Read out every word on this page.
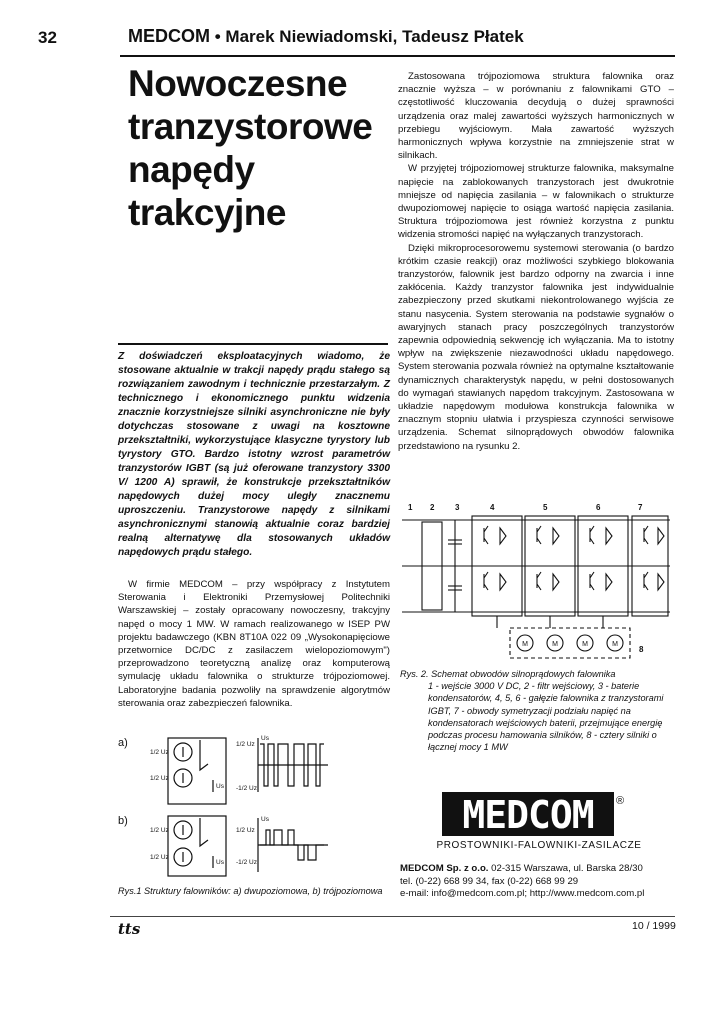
32	MEDCOM • Marek Niewiadomski, Tadeusz Płatek
Nowoczesne
tranzystorowe
napędy trakcyjne

Z doświadczeń eksploatacyjnych wiadomo, że stosowane aktualnie w trakcji napędy prądu stałego są rozwiązaniem zawodnym i technicznie przestarzałym. Z technicznego i ekonomicznego punktu widzenia znacznie korzystniejsze silniki asynchroniczne nie były dotychczas stosowane z uwagi na kosztowne przekształtniki, wykorzystujące klasyczne tyrystory lub tyrystory GTO. Bardzo istotny wzrost parametrów tranzystorów IGBT (są już oferowane tranzystory 3300 V/ 1200 A) sprawił, że konstrukcje przekształtników napędowych dużej mocy uległy znacznemu uproszczeniu. Tranzystorowe napędy z silnikami asynchronicznymi stanowią aktualnie coraz bardziej realną alternatywę dla stosowanych układów napędowych prądu stałego.

W firmie MEDCOM – przy współpracy z Instytutem Sterowania i Elektroniki Przemysłowej Politechniki Warszawskiej – zostały opracowany nowoczesny, trakcyjny napęd o mocy 1 MW. W ramach realizowanego w ISEP PW projektu badawczego (KBN 8T10A 022 09 „Wysokonapięciowe przetwornice DC/DC z zasilaczem wielopoziomowym") przeprowadzono teoretyczną analizę oraz komputerową symulację układu falownika o strukturze trójpoziomowej. Laboratoryjne badania pozwoliły na sprawdzenie algorytmów sterowania oraz zabezpieczeń falownika.

Zastosowana trójpoziomowa struktura falownika oraz znacznie wyższa – w porównaniu z falownikami GTO – częstotliwość kluczowania decydują o dużej sprawności urządzenia oraz malej zawartości wyższych harmonicznych w przebiegu wyjściowym. Mała zawartość wyższych harmonicznych wpływa korzystnie na zmniejszenie strat w silnikach.

W przyjętej trójpoziomowej strukturze falownika, maksymalne napięcie na zablokowanych tranzystorach jest dwukrotnie mniejsze od napięcia zasilania – w falownikach o strukturze dwupoziomowej napięcie to osiąga wartość napięcia zasilania. Struktura trójpoziomowa jest również korzystna z punktu widzenia stromości napięć na wyłączanych tranzystorach.

Dzięki mikroprocesorowemu systemowi sterowania (o bardzo krótkim czasie reakcji) oraz możliwości szybkiego blokowania tranzystorów, falownik jest bardzo odporny na zwarcia i inne zakłócenia. Każdy tranzystor falownika jest indywidualnie zabezpieczony przed skutkami niekontrolowanego wyjścia ze stanu nasycenia. System sterowania na podstawie sygnałów o awaryjnych stanach pracy poszczególnych tranzystorów zapewnia odpowiednią sekwencję ich wyłączania. Ma to istotny wpływ na zwiększenie niezawodności układu napędowego. System sterowania pozwala również na optymalne kształtowanie dynamicznych charakterystyk napędu, w pełni dostosowanych do wymagań stawianych napędom trakcyjnym. Zastosowana w układzie napędowym modułowa konstrukcja falownika w znacznym stopniu ułatwia i przyspiesza czynności serwisowe urządzenia. Schemat silnoprądowych obwodów falownika przedstawiono na rysunku 2.

a)
b)
1/2 Uz
1/2 Uz
Us
1/2 Uz
Us
-1/2 Uz
1/2 Uz
1/2 Uz
Us
1/2 Uz
Us
-1/2 Uz
Rys.1 Struktury falowników: a) dwupoziomowa, b) trójpoziomowa
1 2	3	4	5	6	7
8
M	M	M	M
Rys. 2. Schemat obwodów silnoprądowych falownika
1 - wejście 3000 V DC, 2 - filtr wejściowy, 3 - baterie kondensatorów, 4, 5, 6 - gałęzie falownika z tranzystorami IGBT, 7 - obwody symetryzacji podziału napięć na kondensatorach wejściowych baterii, przejmujące energię podczas procesu hamowania silników, 8 - cztery silniki o łącznej mocy 1 MW
MEDCOM ®
PROSTOWNIKI-FALOWNIKI-ZASILACZE
MEDCOM Sp. z o.o. 02-315 Warszawa, ul. Barska 28/30
tel. (0-22) 668 99 34, fax (0-22) 668 99 29
e-mail: info@medcom.com.pl; http://www.medcom.com.pl
tts	10 / 1999
